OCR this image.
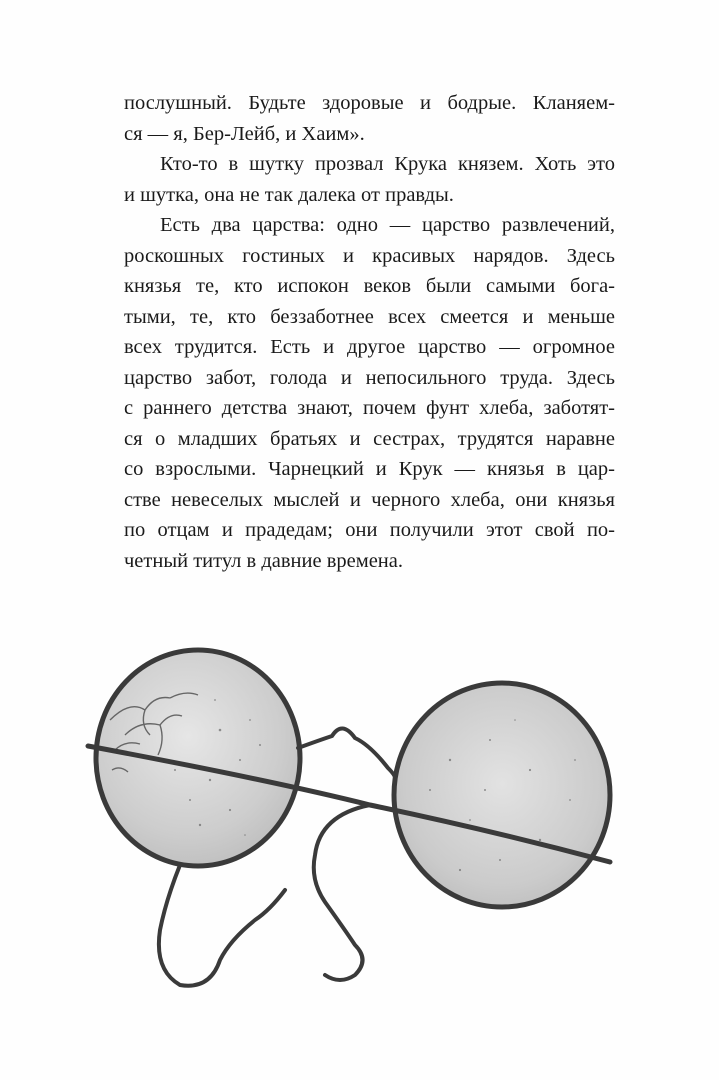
послушный. Будьте здоровые и бодрые. Кланяем-
ся — я, Бер-Лейб, и Хаим».

Кто-то в шутку прозвал Крука князем. Хоть это
и шутка, она не так далека от правды.

Есть два царства: одно — царство развлечений,
роскошных гостиных и красивых нарядов. Здесь
князья те, кто испокон веков были самыми бога-
тыми, те, кто беззаботнее всех смеется и меньше
всех трудится. Есть и другое царство — огромное
царство забот, голода и непосильного труда. Здесь
с раннего детства знают, почем фунт хлеба, заботят-
ся о младших братьях и сестрах, трудятся наравне
со взрослыми. Чарнецкий и Крук — князья в цар-
стве невеселых мыслей и черного хлеба, они князья
по отцам и прадедам; они получили этот свой по-
четный титул в давние времена.
